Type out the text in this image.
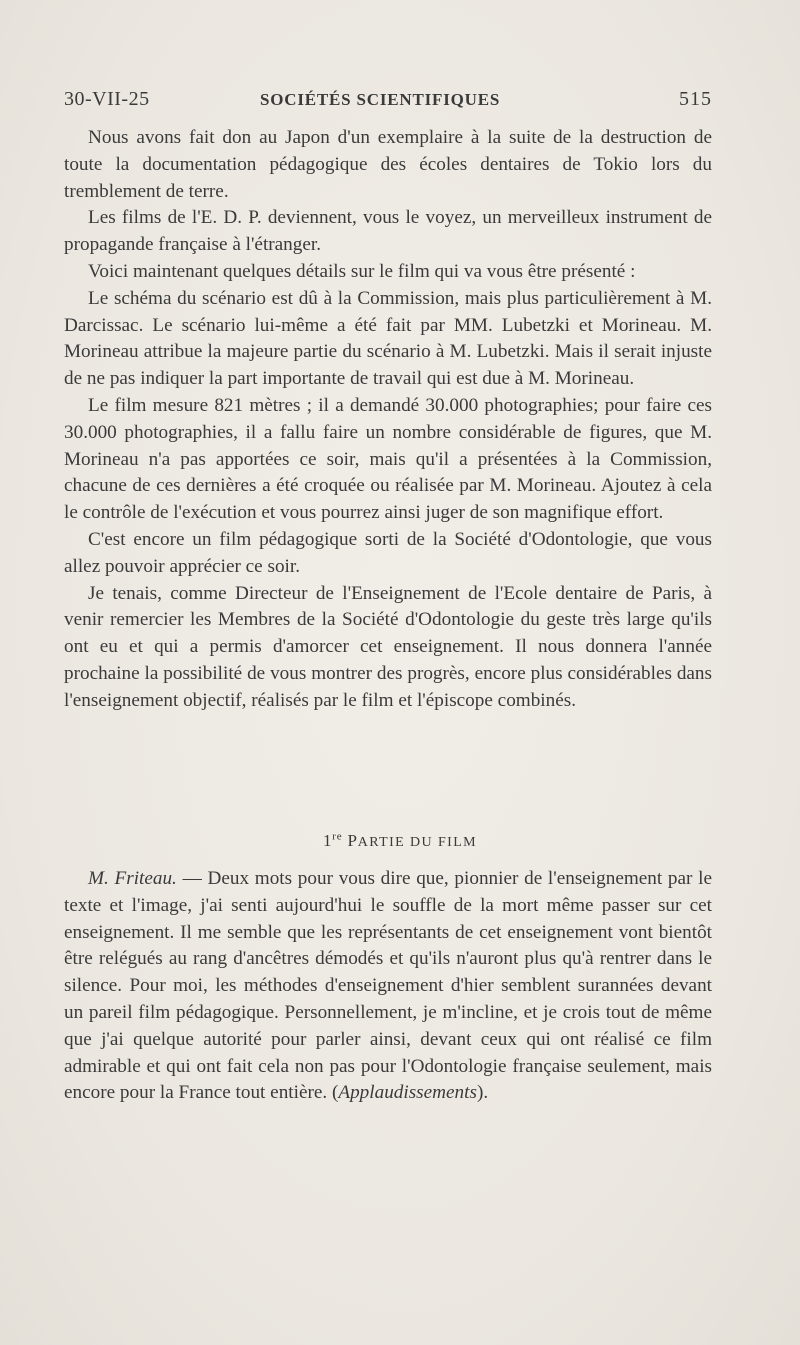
30-VII-25	SOCIÉTÉS SCIENTIFIQUES	515

Nous avons fait don au Japon d'un exemplaire à la suite de la destruction de toute la documentation pédagogique des écoles dentaires de Tokio lors du tremblement de terre.

Les films de l'E. D. P. deviennent, vous le voyez, un merveilleux instrument de propagande française à l'étranger.

Voici maintenant quelques détails sur le film qui va vous être présenté :

Le schéma du scénario est dû à la Commission, mais plus particulièrement à M. Darcissac. Le scénario lui-même a été fait par MM. Lubetzki et Morineau. M. Morineau attribue la majeure partie du scénario à M. Lubetzki. Mais il serait injuste de ne pas indiquer la part importante de travail qui est due à M. Morineau.

Le film mesure 821 mètres ; il a demandé 30.000 photographies; pour faire ces 30.000 photographies, il a fallu faire un nombre considérable de figures, que M. Morineau n'a pas apportées ce soir, mais qu'il a présentées à la Commission, chacune de ces dernières a été croquée ou réalisée par M. Morineau. Ajoutez à cela le contrôle de l'exécution et vous pourrez ainsi juger de son magnifique effort.

C'est encore un film pédagogique sorti de la Société d'Odontologie, que vous allez pouvoir apprécier ce soir.

Je tenais, comme Directeur de l'Enseignement de l'Ecole dentaire de Paris, à venir remercier les Membres de la Société d'Odontologie du geste très large qu'ils ont eu et qui a permis d'amorcer cet enseignement. Il nous donnera l'année prochaine la possibilité de vous montrer des progrès, encore plus considérables dans l'enseignement objectif, réalisés par le film et l'épiscope combinés.

1re PARTIE DU FILM

M. Friteau. — Deux mots pour vous dire que, pionnier de l'enseignement par le texte et l'image, j'ai senti aujourd'hui le souffle de la mort même passer sur cet enseignement. Il me semble que les représentants de cet enseignement vont bientôt être relégués au rang d'ancêtres démodés et qu'ils n'auront plus qu'à rentrer dans le silence. Pour moi, les méthodes d'enseignement d'hier semblent surannées devant un pareil film pédagogique. Personnellement, je m'incline, et je crois tout de même que j'ai quelque autorité pour parler ainsi, devant ceux qui ont réalisé ce film admirable et qui ont fait cela non pas pour l'Odontologie française seulement, mais encore pour la France tout entière. (Applaudissements).
